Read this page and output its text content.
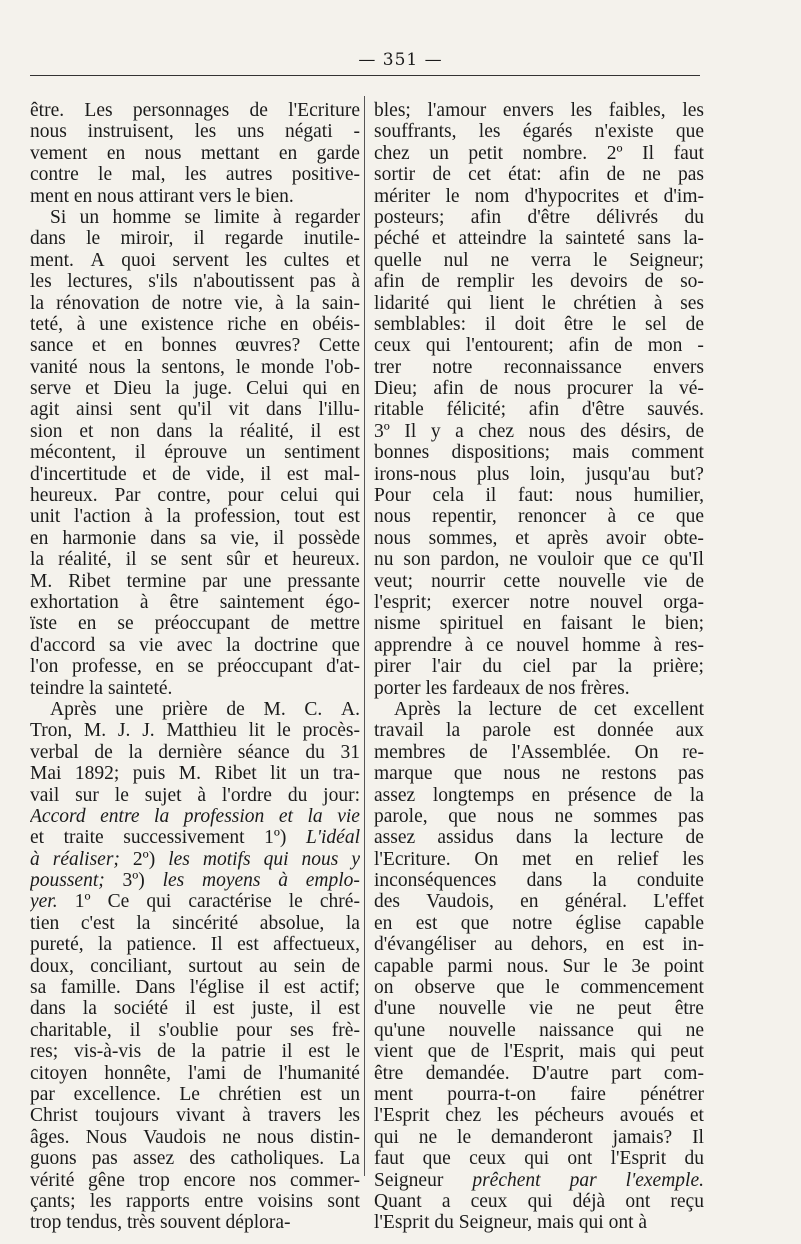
— 351 —
être. Les personnages de l'Ecriture
nous instruisent, les uns négati -
vement en nous mettant en garde
contre le mal, les autres positive-
ment en nous attirant vers le bien.
Si un homme se limite à regarder
dans le miroir, il regarde inutile-
ment. A quoi servent les cultes et
les lectures, s'ils n'aboutissent pas à
la rénovation de notre vie, à la sain-
teté, à une existence riche en obéis-
sance et en bonnes œuvres? Cette
vanité nous la sentons, le monde l'ob-
serve et Dieu la juge. Celui qui en
agit ainsi sent qu'il vit dans l'illu-
sion et non dans la réalité, il est
mécontent, il éprouve un sentiment
d'incertitude et de vide, il est mal-
heureux. Par contre, pour celui qui
unit l'action à la profession, tout est
en harmonie dans sa vie, il possède
la réalité, il se sent sûr et heureux.
M. Ribet termine par une pressante
exhortation à être saintement égo-
ïste en se préoccupant de mettre
d'accord sa vie avec la doctrine que
l'on professe, en se préoccupant d'at-
teindre la sainteté.
Après une prière de M. C. A.
Tron, M. J. J. Matthieu lit le procès-
verbal de la dernière séance du 31
Mai 1892; puis M. Ribet lit un tra-
vail sur le sujet à l'ordre du jour:
Accord entre la profession et la vie
et traite successivement 1º) L'idéal
à réaliser; 2º) les motifs qui nous y
poussent; 3º) les moyens à emplo-
yer. 1º Ce qui caractérise le chré-
tien c'est la sincérité absolue, la
pureté, la patience. Il est affectueux,
doux, conciliant, surtout au sein de
sa famille. Dans l'église il est actif;
dans la société il est juste, il est
charitable, il s'oublie pour ses frè-
res; vis-à-vis de la patrie il est le
citoyen honnête, l'ami de l'humanité
par excellence. Le chrétien est un
Christ toujours vivant à travers les
âges. Nous Vaudois ne nous distin-
guons pas assez des catholiques. La
vérité gêne trop encore nos commer-
çants; les rapports entre voisins sont
trop tendus, très souvent déplora-
bles; l'amour envers les faibles, les
souffrants, les égarés n'existe que
chez un petit nombre. 2º Il faut
sortir de cet état: afin de ne pas
mériter le nom d'hypocrites et d'im-
posteurs; afin d'être délivrés du
péché et atteindre la sainteté sans la-
quelle nul ne verra le Seigneur;
afin de remplir les devoirs de so-
lidarité qui lient le chrétien à ses
semblables: il doit être le sel de
ceux qui l'entourent; afin de mon -
trer notre reconnaissance envers
Dieu; afin de nous procurer la vé-
ritable félicité; afin d'être sauvés.
3º Il y a chez nous des désirs, de
bonnes dispositions; mais comment
irons-nous plus loin, jusqu'au but?
Pour cela il faut: nous humilier,
nous repentir, renoncer à ce que
nous sommes, et après avoir obte-
nu son pardon, ne vouloir que ce qu'Il
veut; nourrir cette nouvelle vie de
l'esprit; exercer notre nouvel orga-
nisme spirituel en faisant le bien;
apprendre à ce nouvel homme à res-
pirer l'air du ciel par la prière;
porter les fardeaux de nos frères.
Après la lecture de cet excellent
travail la parole est donnée aux
membres de l'Assemblée. On re-
marque que nous ne restons pas
assez longtemps en présence de la
parole, que nous ne sommes pas
assez assidus dans la lecture de
l'Ecriture. On met en relief les
inconséquences dans la conduite
des Vaudois, en général. L'effet
en est que notre église capable
d'évangéliser au dehors, en est in-
capable parmi nous. Sur le 3e point
on observe que le commencement
d'une nouvelle vie ne peut être
qu'une nouvelle naissance qui ne
vient que de l'Esprit, mais qui peut
être demandée. D'autre part com-
ment pourra-t-on faire pénétrer
l'Esprit chez les pécheurs avoués et
qui ne le demanderont jamais? Il
faut que ceux qui ont l'Esprit du
Seigneur prêchent par l'exemple.
Quant a ceux qui déjà ont reçu
l'Esprit du Seigneur, mais qui ont à
